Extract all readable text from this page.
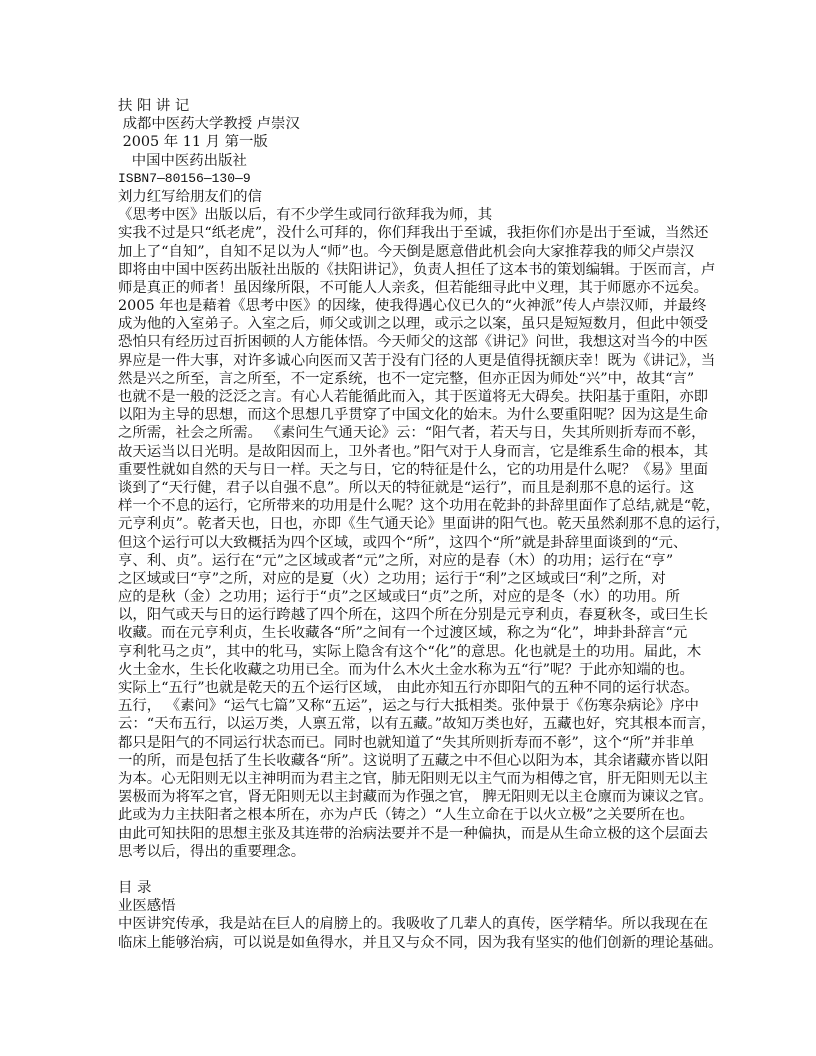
扶 阳 讲 记
成都中医药大学教授 卢崇汉
2005 年 11 月 第一版
中国中医药出版社
ISBN7—80156—130—9
刘力红写给朋友们的信
《思考中医》出版以后，有不少学生或同行欲拜我为师，其
实我不过是只“纸老虎”，没什么可拜的，你们拜我出于至诚，我拒你们亦是出于至诚，当然还
加上了“自知”，自知不足以为人“师”也。今天倒是愿意借此机会向大家推荐我的师父卢崇汉
即将由中国中医药出版社出版的《扶阳讲记》，负责人担任了这本书的策划编辑。于医而言，卢
师是真正的师者！虽因缘所限，不可能人人亲炙，但若能细寻此中义理，其于师愿亦不远矣。
2005 年也是藉着《思考中医》的因缘，使我得遇心仪已久的“火神派”传人卢崇汉师，并最终
成为他的入室弟子。入室之后，师父或训之以理，或示之以案，虽只是短短数月，但此中领受
恐怕只有经历过百折困顿的人方能体悟。今天师父的这部《讲记》问世，我想这对当今的中医
界应是一件大事，对许多诚心向医而又苦于没有门径的人更是值得抚额庆幸！既为《讲记》，当
然是兴之所至，言之所至，不一定系统，也不一定完整，但亦正因为师处“兴”中，故其“言”
也就不是一般的泛泛之言。有心人若能循此而入，其于医道将无大碍矣。扶阳基于重阳，亦即
以阳为主导的思想，而这个思想几乎贯穿了中国文化的始末。为什么要重阳呢？因为这是生命
之所需，社会之所需。 《素问生气通天论》云：“阳气者，若天与日，失其所则折寿而不彰，
故天运当以日光明。是故阳因而上，卫外者也。”阳气对于人身而言，它是维系生命的根本，其
重要性就如自然的天与日一样。天之与日，它的特征是什么，它的功用是什么呢？《易》里面
谈到了“天行健，君子以自强不息”。所以天的特征就是“运行”，而且是刹那不息的运行。这
样一个不息的运行，它所带来的功用是什么呢？这个功用在乾卦的卦辞里面作了总结,就是“乾，
元亨利贞”。乾者天也，日也，亦即《生气通天论》里面讲的阳气也。乾天虽然刹那不息的运行，
但这个运行可以大致概括为四个区域，或四个“所”，这四个“所”就是卦辞里面谈到的“元、
亨、利、贞”。运行在“元”之区域或者“元”之所，对应的是春（木）的功用；运行在“亨”
之区域或曰“亨”之所，对应的是夏（火）之功用；运行于“利”之区域或曰“利”之所，对
应的是秋（金）之功用；运行于“贞”之区域或曰“贞”之所，对应的是冬（水）的功用。所
以，阳气或天与日的运行跨越了四个所在，这四个所在分别是元亨利贞，春夏秋冬，或曰生长
收藏。而在元亨利贞，生长收藏各“所”之间有一个过渡区域，称之为“化”，坤卦卦辞言“元
亨利牝马之贞”，其中的牝马，实际上隐含有这个“化”的意思。化也就是土的功用。届此，木
火土金水，生长化收藏之功用已全。而为什么木火土金水称为五“行”呢？于此亦知端的也。
实际上“五行”也就是乾天的五个运行区域， 由此亦知五行亦即阳气的五种不同的运行状态。
五行， 《素问》“运气七篇”又称“五运”，运之与行大抵相类。张仲景于《伤寒杂病论》序中
云：“天布五行，以运万类，人禀五常，以有五藏。”故知万类也好，五藏也好，究其根本而言，
都只是阳气的不同运行状态而已。同时也就知道了“失其所则折寿而不彰”，这个“所”并非单
一的所，而是包括了生长收藏各“所”。这说明了五藏之中不但心以阳为本，其余诸藏亦皆以阳
为本。心无阳则无以主神明而为君主之官，肺无阳则无以主气而为相傅之官，肝无阳则无以主
罢极而为将军之官，肾无阳则无以主封藏而为作强之官， 脾无阳则无以主仓廪而为谏议之官。
此或为力主扶阳者之根本所在，亦为卢氏（铸之）“人生立命在于以火立极”之关要所在也。
由此可知扶阳的思想主张及其连带的治病法要并不是一种偏执，而是从生命立极的这个层面去
思考以后，得出的重要理念。
目 录
业医感悟
中医讲究传承，我是站在巨人的肩膀上的。我吸收了几辈人的真传，医学精华。所以我现在在
临床上能够治病，可以说是如鱼得水，并且又与众不同，因为我有坚实的他们创新的理论基础。
